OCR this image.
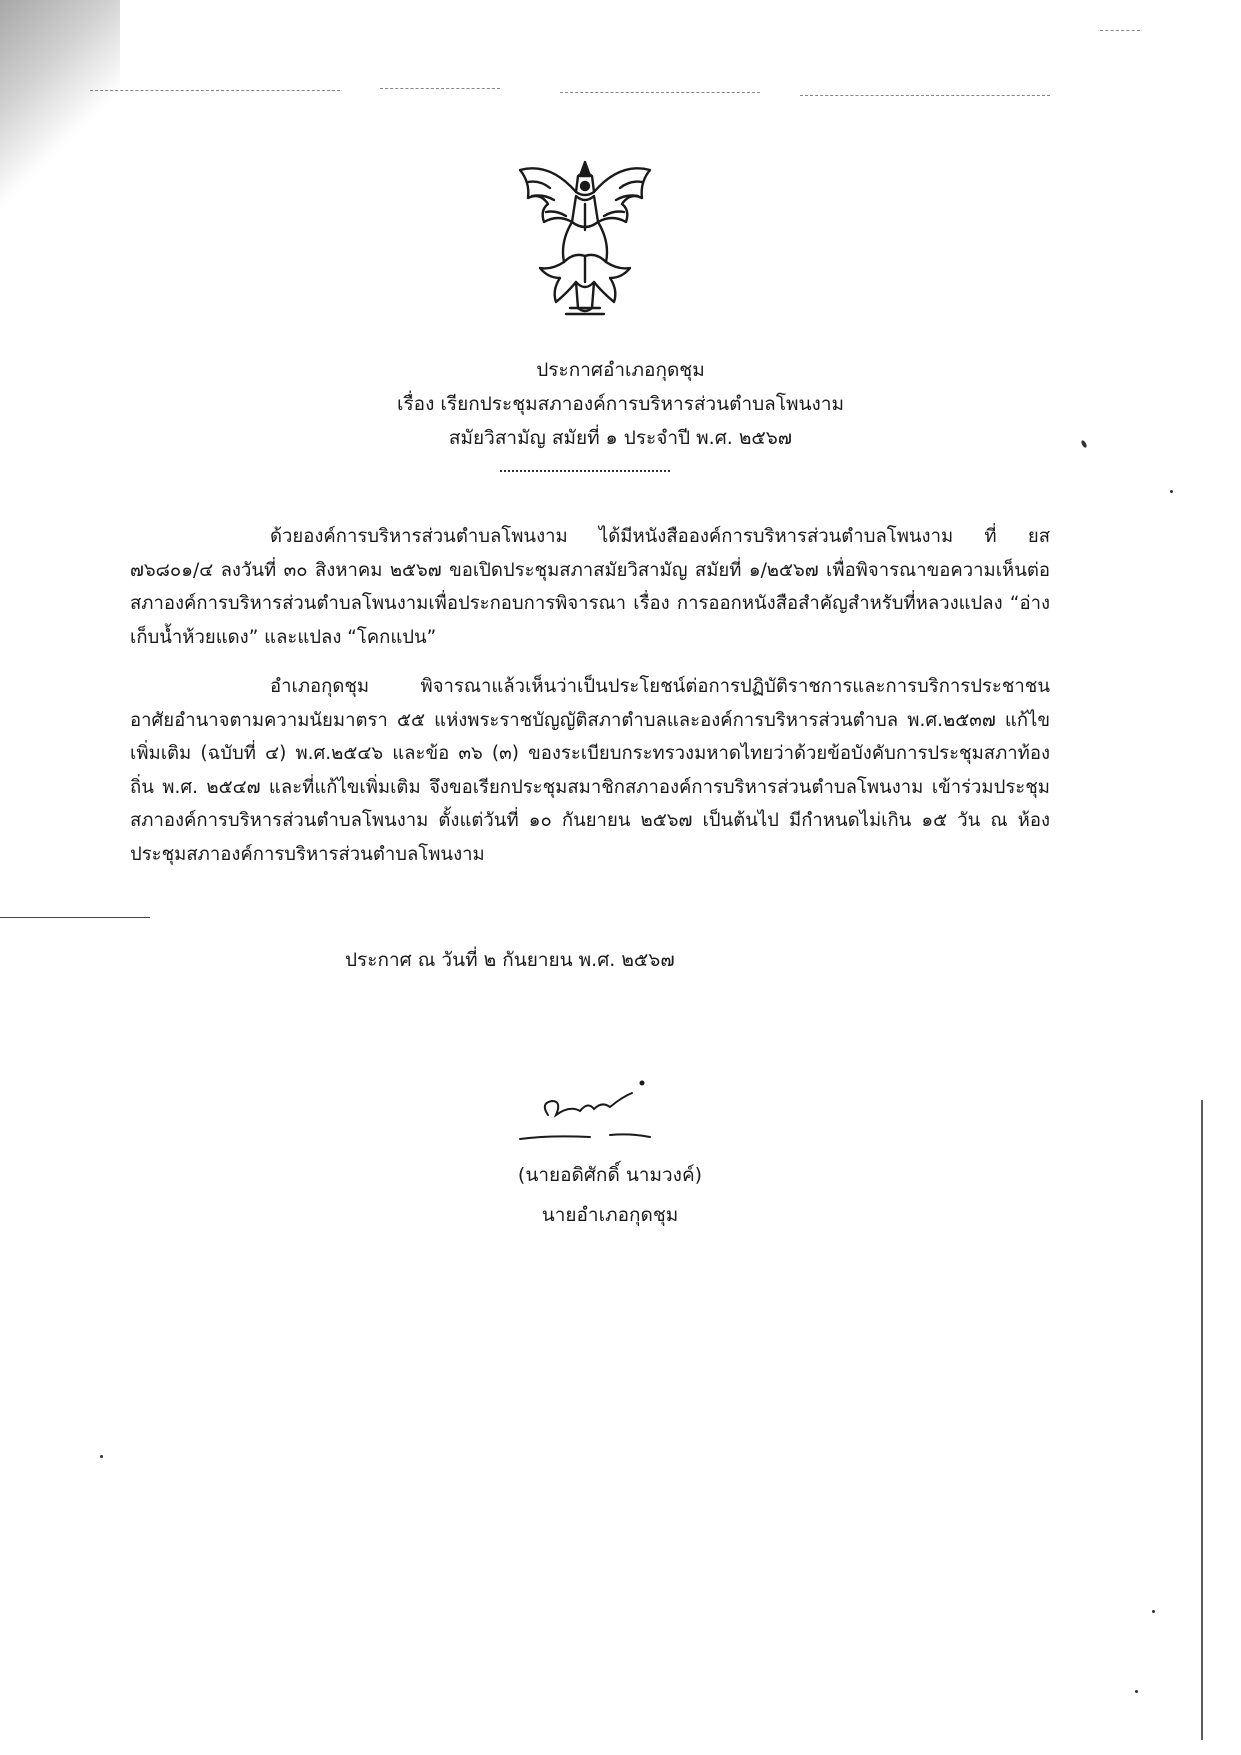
ประกาศอำเภอกุดชุม
เรื่อง เรียกประชุมสภาองค์การบริหารส่วนตำบลโพนงาม
สมัยวิสามัญ สมัยที่ ๑ ประจำปี พ.ศ. ๒๕๖๗
ด้วยองค์การบริหารส่วนตำบลโพนงาม ได้มีหนังสือองค์การบริหารส่วนตำบลโพนงาม ที่ ยส ๗๖๘๐๑/๔ ลงวันที่ ๓๐ สิงหาคม ๒๕๖๗ ขอเปิดประชุมสภาสมัยวิสามัญ สมัยที่ ๑/๒๕๖๗ เพื่อพิจารณาขอความเห็นต่อสภาองค์การบริหารส่วนตำบลโพนงามเพื่อประกอบการพิจารณา เรื่อง การออกหนังสือสำคัญสำหรับที่หลวงแปลง “อ่างเก็บน้ำห้วยแดง” และแปลง “โคกแปน”
อำเภอกุดชุม พิจารณาแล้วเห็นว่าเป็นประโยชน์ต่อการปฏิบัติราชการและการบริการประชาชน อาศัยอำนาจตามความนัยมาตรา ๕๕ แห่งพระราชบัญญัติสภาตำบลและองค์การบริหารส่วนตำบล พ.ศ.๒๕๓๗ แก้ไขเพิ่มเติม (ฉบับที่ ๔) พ.ศ.๒๕๔๖ และข้อ ๓๖ (๓) ของระเบียบกระทรวงมหาดไทยว่าด้วยข้อบังคับการประชุมสภาท้องถิ่น พ.ศ. ๒๕๔๗ และที่แก้ไขเพิ่มเติม จึงขอเรียกประชุมสมาชิกสภาองค์การบริหารส่วนตำบลโพนงาม เข้าร่วมประชุมสภาองค์การบริหารส่วนตำบลโพนงาม ตั้งแต่วันที่ ๑๐ กันยายน ๒๕๖๗ เป็นต้นไป มีกำหนดไม่เกิน ๑๕ วัน ณ ห้องประชุมสภาองค์การบริหารส่วนตำบลโพนงาม
ประกาศ ณ วันที่ ๒ กันยายน พ.ศ. ๒๕๖๗
(นายอดิศักดิ์ นามวงค์)
นายอำเภอกุดชุม
